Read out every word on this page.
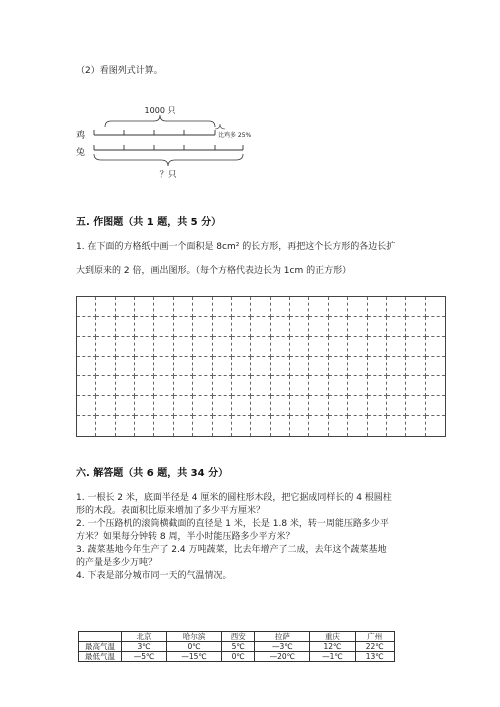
（2）看图列式计算。
1000 只
鸡	比鸡多 25%
兔
？只
五. 作图题（共 1 题，共 5 分）
1. 在下面的方格纸中画一个面积是 8cm² 的长方形，再把这个长方形的各边长扩
大到原来的 2 倍，画出图形。（每个方格代表边长为 1cm 的正方形）
六. 解答题（共 6 题，共 34 分）
1. 一根长 2 米，底面半径是 4 厘米的圆柱形木段，把它据成同样长的 4 根圆柱
形的木段。表面积比原来增加了多少平方厘米？
2. 一个压路机的滚筒横截面的直径是 1 米，长是 1.8 米，转一周能压路多少平
方米？如果每分钟转 8 周，半小时能压路多少平方米？
3. 蔬菜基地今年生产了 2.4 万吨蔬菜，比去年增产了二成，去年这个蔬菜基地
的产量是多少万吨？
4. 下表是部分城市同一天的气温情况。
	北京	哈尔滨	西安	拉萨	重庆	广州
最高气温	3℃	0℃	5℃	—3℃	12℃	22℃
最低气温	—5℃	—15℃	0℃	—20℃	—1℃	13℃
